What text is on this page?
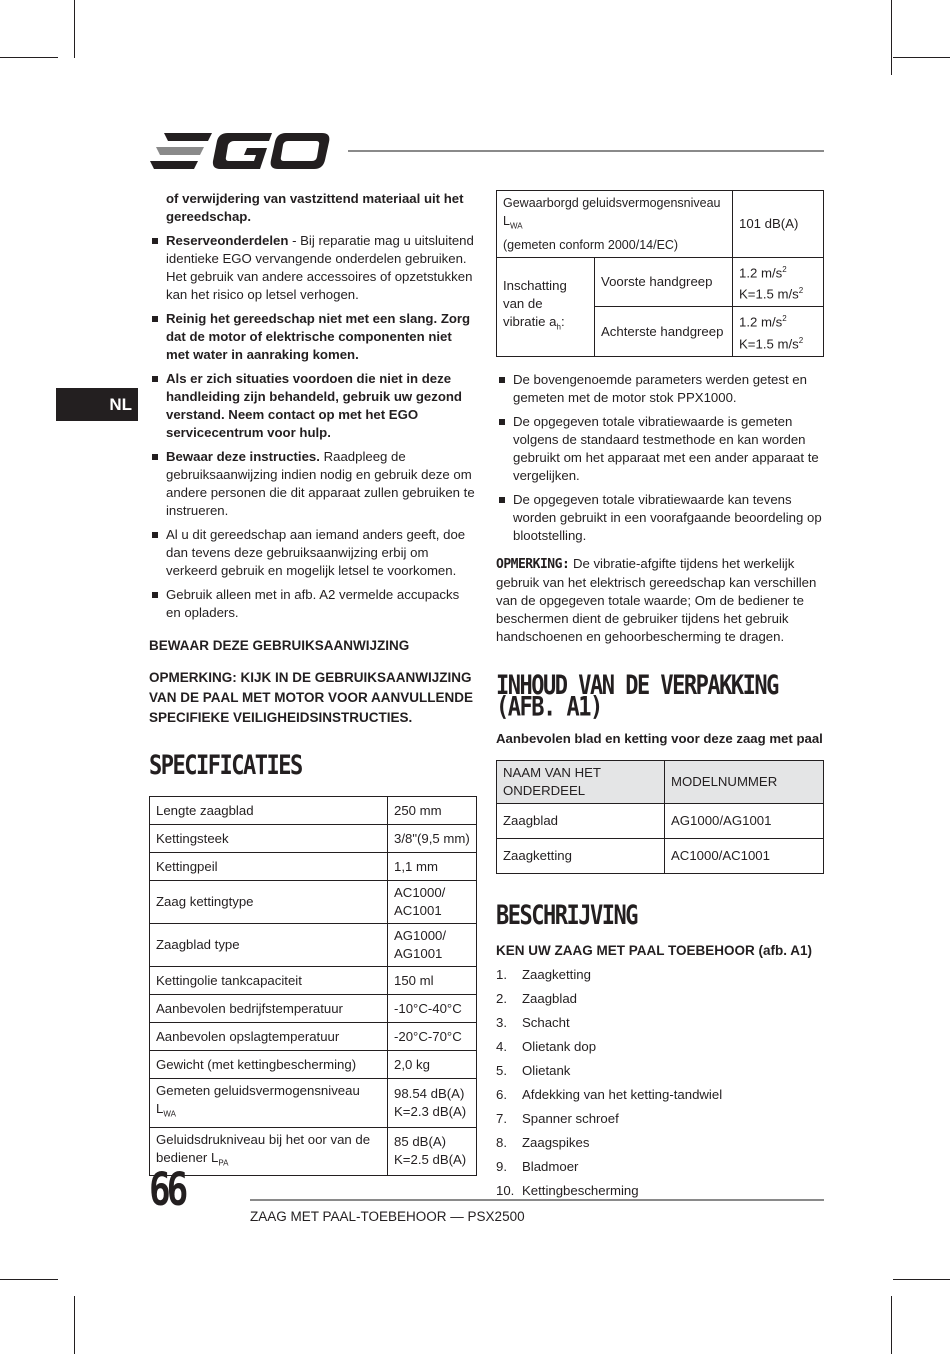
NL
of verwijdering van vastzittend materiaal uit het gereedschap.
Reserveonderdelen - Bij reparatie mag u uitsluitend identieke EGO vervangende onderdelen gebruiken. Het gebruik van andere accessoires of opzetstukken kan het risico op letsel verhogen.
Reinig het gereedschap niet met een slang. Zorg dat de motor of elektrische componenten niet met water in aanraking komen.
Als er zich situaties voordoen die niet in deze handleiding zijn behandeld, gebruik uw gezond verstand. Neem contact op met het EGO servicecentrum voor hulp.
Bewaar deze instructies. Raadpleeg de gebruiksaanwijzing indien nodig en gebruik deze om andere personen die dit apparaat zullen gebruiken te instrueren.
Al u dit gereedschap aan iemand anders geeft, doe dan tevens deze gebruiksaanwijzing erbij om verkeerd gebruik en mogelijk letsel te voorkomen.
Gebruik alleen met in afb. A2 vermelde accupacks en opladers.
BEWAAR DEZE GEBRUIKSAANWIJZING
OPMERKING: KIJK IN DE GEBRUIKSAANWIJZING VAN DE PAAL MET MOTOR VOOR AANVULLENDE SPECIFIEKE VEILIGHEIDSINSTRUCTIES.
SPECIFICATIES
Lengte zaagblad	250 mm
Kettingsteek	3/8"(9,5 mm)
Kettingpeil	1,1 mm
Zaag kettingtype	AC1000/
AC1001

Zaagblad type	AG1000/
AG1001

Kettingolie tankcapaciteit	150 ml
Aanbevolen bedrijfstemperatuur	-10°C-40°C
Aanbevolen opslagtemperatuur	-20°C-70°C
Gewicht (met kettingbescherming)	2,0 kg
Gemeten geluidsvermogensniveau $L_{WA}$	98.54 dB(A)
K=2.3 dB(A)

Geluidsdrukniveau bij het oor van de bediener $L_{PA}$	85 dB(A)
K=2.5 dB(A)
Gewaarborgd geluidsvermogensniveau $L_{WA}$
(gemeten conform 2000/14/EC)		101 dB(A)
Inschatting van de vibratie $a_h$:	Voorste handgreep	1.2 $m/s^2$
K=1.5 $m/s^2$

	Achterste handgreep	1.2 $m/s^2$
K=1.5 $m/s^2$
De bovengenoemde parameters werden getest en gemeten met de motor stok PPX1000.
De opgegeven totale vibratiewaarde is gemeten volgens de standaard testmethode en kan worden gebruikt om het apparaat met een ander apparaat te vergelijken.
De opgegeven totale vibratiewaarde kan tevens worden gebruikt in een voorafgaande beoordeling op blootstelling.
OPMERKING: De vibratie-afgifte tijdens het werkelijk gebruik van het elektrisch gereedschap kan verschillen van de opgegeven totale waarde; Om de bediener te beschermen dient de gebruiker tijdens het gebruik handschoenen en gehoorbescherming te dragen.
INHOUD VAN DE VERPAKKING (AFB. A1)
Aanbevolen blad en ketting voor deze zaag met paal
NAAM VAN HET ONDERDEEL	MODELNUMMER
Zaagblad	AG1000/AG1001
Zaagketting	AC1000/AC1001
BESCHRIJVING
KEN UW ZAAG MET PAAL TOEBEHOOR (afb. A1)
1.	Zaagketting
2.	Zaagblad
3.	Schacht
4.	Olietank dop
5.	Olietank
6.	Afdekking van het ketting-tandwiel
7.	Spanner schroef
8.	Zaagspikes
9.	Bladmoer
10. Kettingbescherming
66
ZAAG MET PAAL-TOEBEHOOR — PSX2500
